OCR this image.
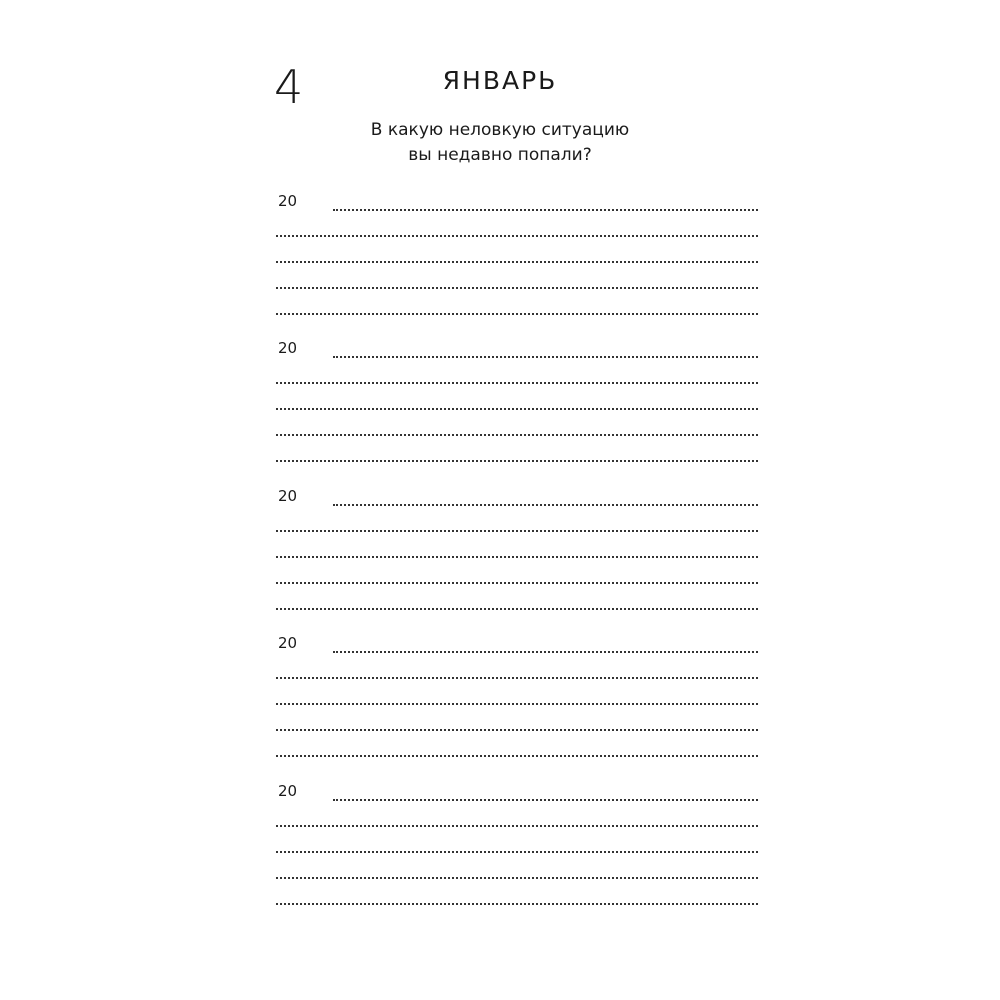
4	ЯНВАРЬ
В какую неловкую ситуацию
вы недавно попали?
20
20
20
20
20
